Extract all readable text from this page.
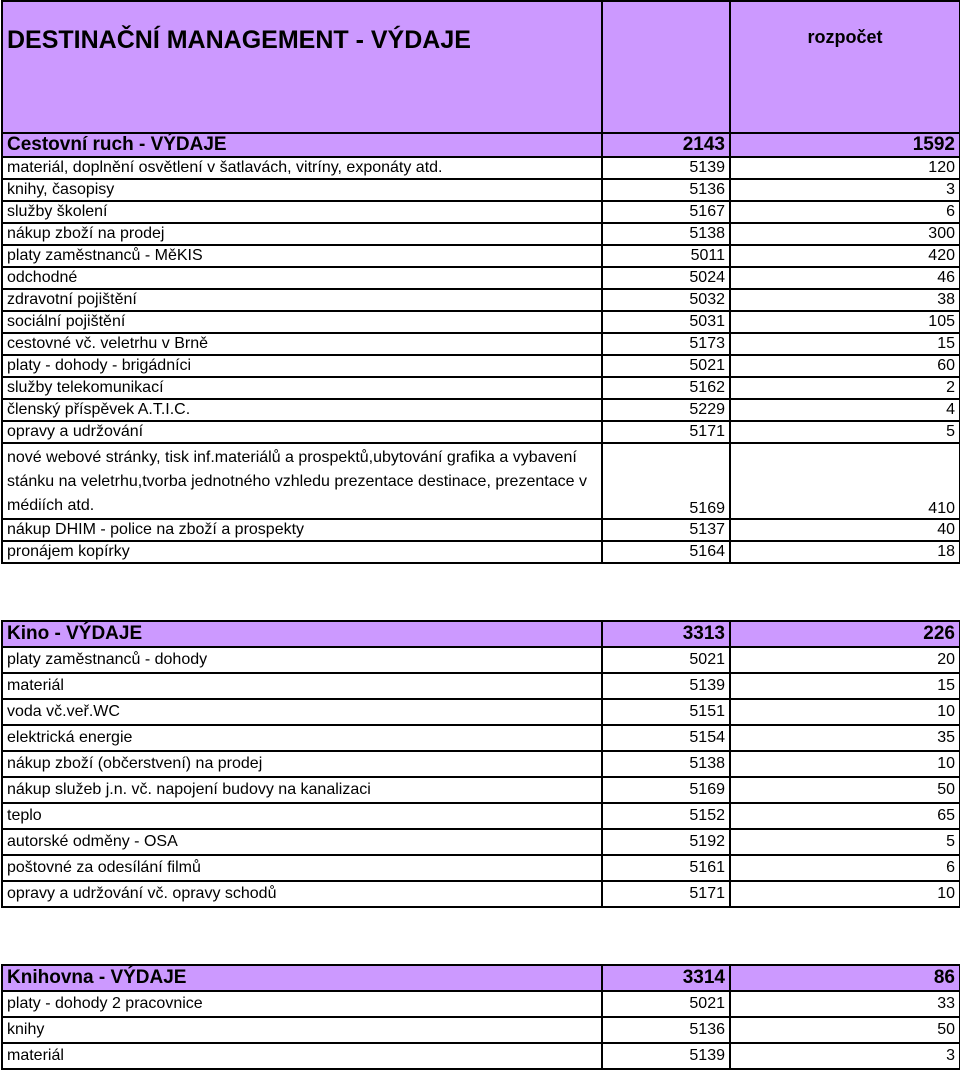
DESTINAČNÍ MANAGEMENT - VÝDAJE		rozpočet

Cestovní ruch - VÝDAJE	2143	1592
materiál, doplnění osvětlení v šatlavách, vitríny, exponáty atd.	5139	120
knihy, časopisy	5136	3
služby školení	5167	6
nákup zboží na prodej	5138	300
platy zaměstnanců - MěKIS	5011	420
odchodné	5024	46
zdravotní pojištění	5032	38
sociální pojištění	5031	105
cestovné vč. veletrhu v Brně	5173	15
platy - dohody - brigádníci	5021	60
služby telekomunikací	5162	2
členský příspěvek A.T.I.C.	5229	4
opravy a udržování	5171	5
nové webové stránky, tisk inf.materiálů a prospektů,ubytování grafika a vybavení stánku na veletrhu,tvorba jednotného vzhledu prezentace destinace, prezentace v médiích atd.	5169	410
nákup DHIM - police na zboží a prospekty	5137	40
pronájem kopírky	5164	18
Kino - VÝDAJE	3313	226
platy zaměstnanců - dohody	5021	20
materiál	5139	15
voda vč.veř.WC	5151	10
elektrická energie	5154	35
nákup zboží (občerstvení) na prodej	5138	10
nákup služeb j.n. vč. napojení budovy na kanalizaci	5169	50
teplo	5152	65
autorské odměny - OSA	5192	5
poštovné za odesílání filmů	5161	6
opravy a udržování vč. opravy schodů	5171	10
Knihovna - VÝDAJE	3314	86
platy - dohody 2 pracovnice	5021	33
knihy	5136	50
materiál	5139	3
